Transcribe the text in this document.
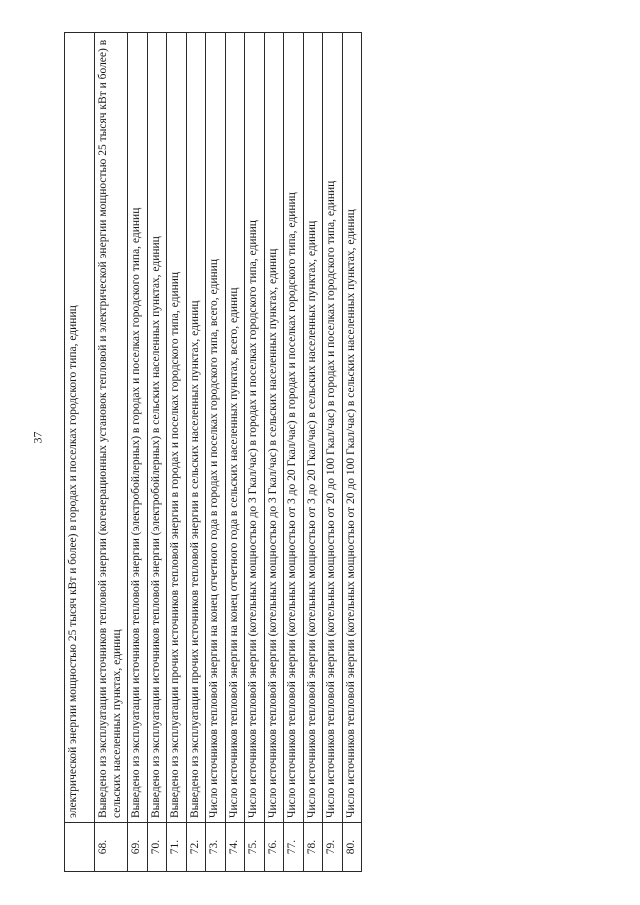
37
	электрической энергии мощностью 25 тысяч кВт и более) в городах и поселках городского типа, единиц
68.	Выведено из эксплуатации источников тепловой энергии (когенерационных установок тепловой и электрической энергии мощностью 25 тысяч кВт и более) в сельских населенных пунктах, единиц
69.	Выведено из эксплуатации источников тепловой энергии (электробойлерных) в городах и поселках городского типа, единиц
70.	Выведено из эксплуатации источников тепловой энергии (электробойлерных) в сельских населенных пунктах, единиц
71.	Выведено из эксплуатации прочих источников тепловой энергии в городах и поселках городского типа, единиц
72.	Выведено из эксплуатации прочих источников тепловой энергии в сельских населенных пунктах, единиц
73.	Число источников тепловой энергии на конец отчетного года в городах и поселках городского типа, всего, единиц
74.	Число источников тепловой энергии на конец отчетного года в сельских населенных пунктах, всего, единиц
75.	Число источников тепловой энергии (котельных мощностью до 3 Гкал/час) в городах и поселках городского типа, единиц
76.	Число источников тепловой энергии (котельных мощностью до 3 Гкал/час) в сельских населенных пунктах, единиц
77.	Число источников тепловой энергии (котельных мощностью от 3 до 20 Гкал/час) в городах и поселках городского типа, единиц
78.	Число источников тепловой энергии (котельных мощностью от 3 до 20 Гкал/час) в сельских населенных пунктах, единиц
79.	Число источников тепловой энергии (котельных мощностью от 20 до 100 Гкал/час) в городах и поселках городского типа, единиц
80.	Число источников тепловой энергии (котельных мощностью от 20 до 100 Гкал/час) в сельских населенных пунктах, единиц
